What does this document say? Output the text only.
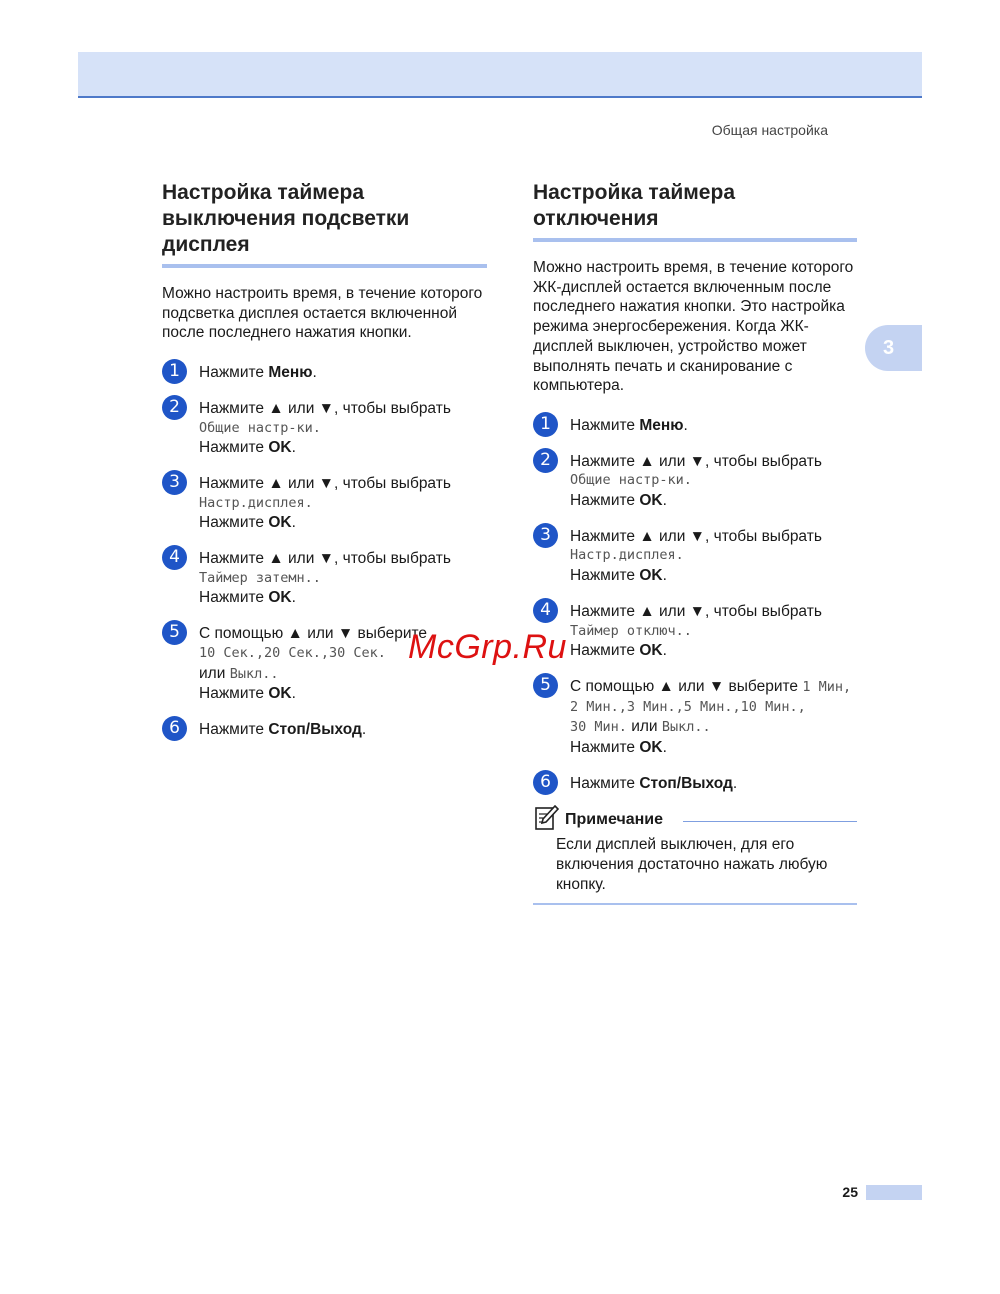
Общая настройка
3
Настройка таймера выключения подсветки дисплея

Можно настроить время, в течение которого подсветка дисплея остается включенной после последнего нажатия кнопки.

1	Нажмите Меню.
2	Нажмите ▲ или ▼, чтобы выбрать
Общие настр-ки.
Нажмите OK.
3	Нажмите ▲ или ▼, чтобы выбрать
Настр.дисплея.
Нажмите OK.
4	Нажмите ▲ или ▼, чтобы выбрать
Таймер затемн..
Нажмите OK.
5	С помощью ▲ или ▼ выберите
10 Сек.,20 Сек.,30 Сек.
или Выкл..
Нажмите OK.
6	Нажмите Стоп/Выход.
Настройка таймера отключения

Можно настроить время, в течение которого ЖК-дисплей остается включенным после последнего нажатия кнопки. Это настройка режима энергосбережения. Когда ЖК-дисплей выключен, устройство может выполнять печать и сканирование с компьютера.

1	Нажмите Меню.
2	Нажмите ▲ или ▼, чтобы выбрать
Общие настр-ки.
Нажмите OK.
3	Нажмите ▲ или ▼, чтобы выбрать
Настр.дисплея.
Нажмите OK.
4	Нажмите ▲ или ▼, чтобы выбрать
Таймер отключ..
Нажмите OK.
5	С помощью ▲ или ▼ выберите 1 Мин,
2 Мин.,3 Мин.,5 Мин.,10 Мин.,
30 Мин. или Выкл..
Нажмите OK.
6	Нажмите Стоп/Выход.
Примечание
Если дисплей выключен, для его включения достаточно нажать любую кнопку.
McGrp.Ru
25
